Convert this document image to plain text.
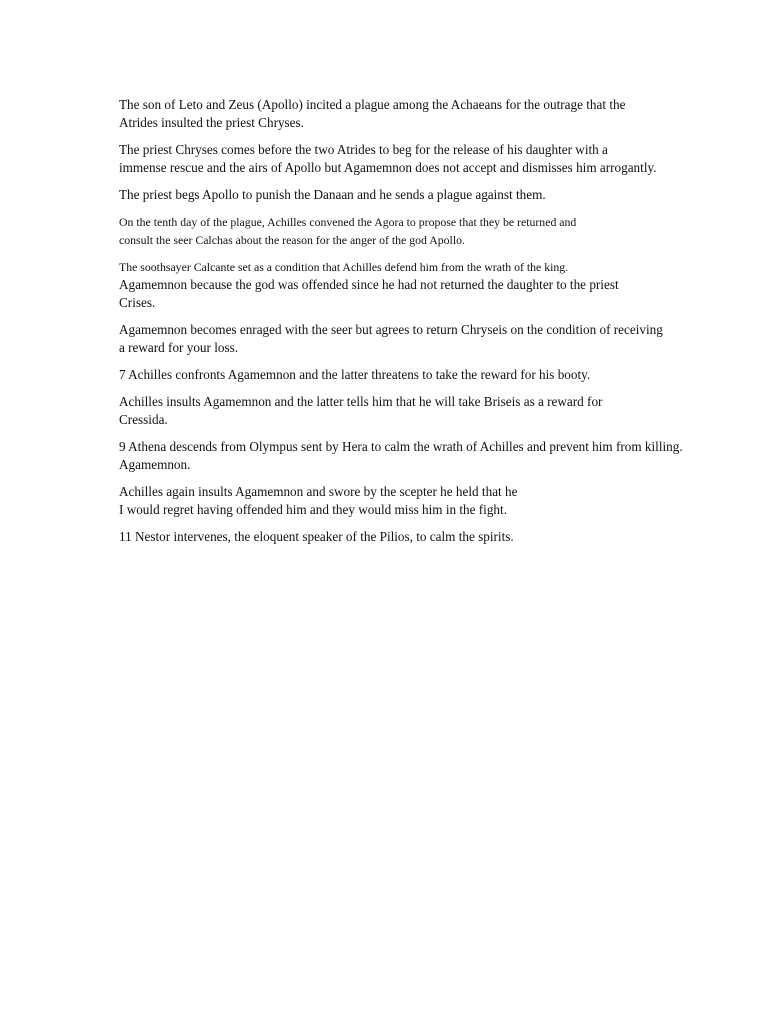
The son of Leto and Zeus (Apollo) incited a plague among the Achaeans for the outrage that the
Atrides insulted the priest Chryses.

The priest Chryses comes before the two Atrides to beg for the release of his daughter with a
immense rescue and the airs of Apollo but Agamemnon does not accept and dismisses him arrogantly.

The priest begs Apollo to punish the Danaan and he sends a plague against them.

On the tenth day of the plague, Achilles convened the Agora to propose that they be returned and
consult the seer Calchas about the reason for the anger of the god Apollo.

The soothsayer Calcante set as a condition that Achilles defend him from the wrath of the king.
Agamemnon because the god was offended since he had not returned the daughter to the priest
Crises.

Agamemnon becomes enraged with the seer but agrees to return Chryseis on the condition of receiving
a reward for your loss.

7 Achilles confronts Agamemnon and the latter threatens to take the reward for his booty.

Achilles insults Agamemnon and the latter tells him that he will take Briseis as a reward for
Cressida.

9 Athena descends from Olympus sent by Hera to calm the wrath of Achilles and prevent him from killing.
Agamemnon.

Achilles again insults Agamemnon and swore by the scepter he held that he
I would regret having offended him and they would miss him in the fight.

11 Nestor intervenes, the eloquent speaker of the Pilios, to calm the spirits.
